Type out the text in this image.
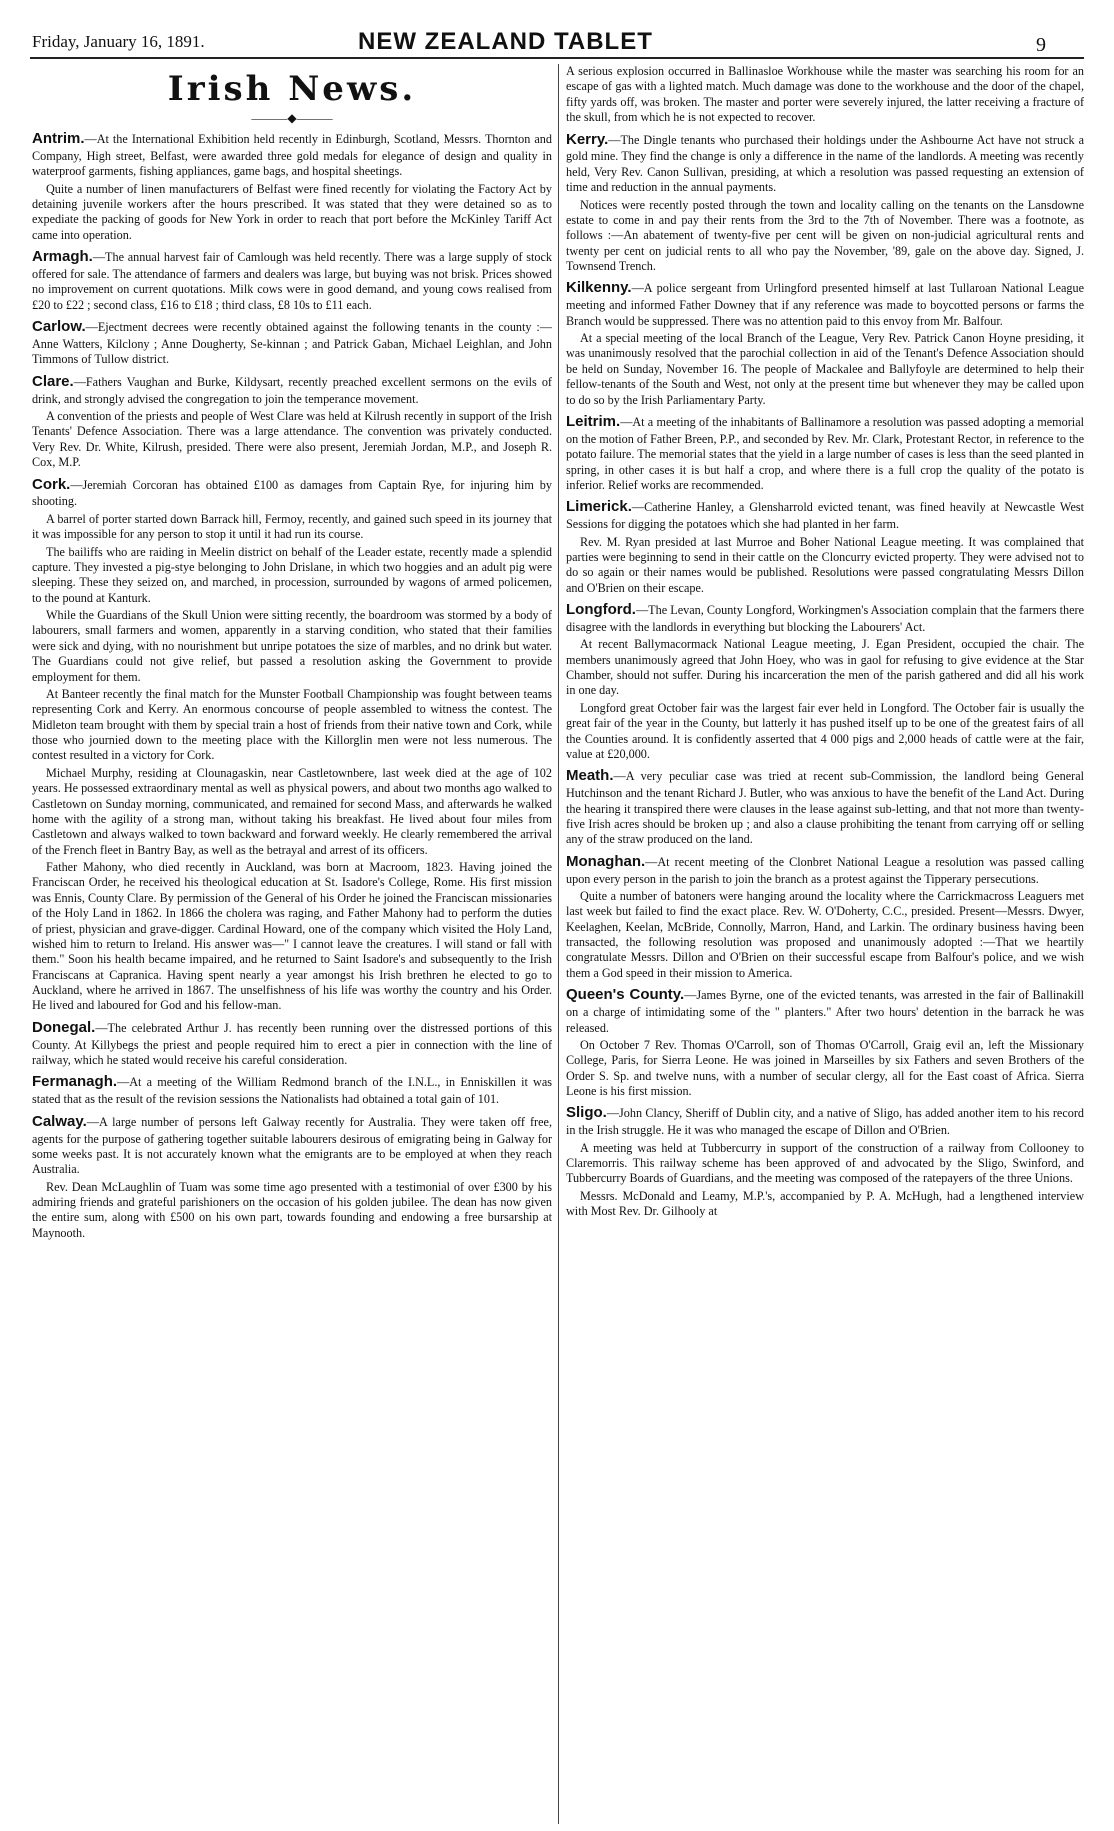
Friday, January 16, 1891.	NEW ZEALAND TABLET	9
Irish News.
———◆———

Antrim.—At the International Exhibition held recently in Edinburgh, Scotland, Messrs. Thornton and Company, High street, Belfast, were awarded three gold medals for elegance of design and quality in waterproof garments, fishing appliances, game bags, and hospital sheetings.

Quite a number of linen manufacturers of Belfast were fined recently for violating the Factory Act by detaining juvenile workers after the hours prescribed. It was stated that they were detained so as to expediate the packing of goods for New York in order to reach that port before the McKinley Tariff Act came into operation.

Armagh.—The annual harvest fair of Camlough was held recently. There was a large supply of stock offered for sale. The attendance of farmers and dealers was large, but buying was not brisk. Prices showed no improvement on current quotations. Milk cows were in good demand, and young cows realised from £20 to £22 ; second class, £16 to £18 ; third class, £8 10s to £11 each.

Carlow.—Ejectment decrees were recently obtained against the following tenants in the county :—Anne Watters, Kilclony ; Anne Dougherty, Se-kinnan ; and Patrick Gaban, Michael Leighlan, and John Timmons of Tullow district.

Clare.—Fathers Vaughan and Burke, Kildysart, recently preached excellent sermons on the evils of drink, and strongly advised the congregation to join the temperance movement.

A convention of the priests and people of West Clare was held at Kilrush recently in support of the Irish Tenants' Defence Association. There was a large attendance. The convention was privately conducted. Very Rev. Dr. White, Kilrush, presided. There were also present, Jeremiah Jordan, M.P., and Joseph R. Cox, M.P.

Cork.—Jeremiah Corcoran has obtained £100 as damages from Captain Rye, for injuring him by shooting.

A barrel of porter started down Barrack hill, Fermoy, recently, and gained such speed in its journey that it was impossible for any person to stop it until it had run its course.

The bailiffs who are raiding in Meelin district on behalf of the Leader estate, recently made a splendid capture. They invested a pig-stye belonging to John Drislane, in which two hoggies and an adult pig were sleeping. These they seized on, and marched, in procession, surrounded by wagons of armed policemen, to the pound at Kanturk.

While the Guardians of the Skull Union were sitting recently, the boardroom was stormed by a body of labourers, small farmers and women, apparently in a starving condition, who stated that their families were sick and dying, with no nourishment but unripe potatoes the size of marbles, and no drink but water. The Guardians could not give relief, but passed a resolution asking the Government to provide employment for them.

At Banteer recently the final match for the Munster Football Championship was fought between teams representing Cork and Kerry. An enormous concourse of people assembled to witness the contest. The Midleton team brought with them by special train a host of friends from their native town and Cork, while those who journied down to the meeting place with the Killorglin men were not less numerous. The contest resulted in a victory for Cork.

Michael Murphy, residing at Clounagaskin, near Castletownbere, last week died at the age of 102 years. He possessed extraordinary mental as well as physical powers, and about two months ago walked to Castletown on Sunday morning, communicated, and remained for second Mass, and afterwards he walked home with the agility of a strong man, without taking his breakfast. He lived about four miles from Castletown and always walked to town backward and forward weekly. He clearly remembered the arrival of the French fleet in Bantry Bay, as well as the betrayal and arrest of its officers.

Father Mahony, who died recently in Auckland, was born at Macroom, 1823. Having joined the Franciscan Order, he received his theological education at St. Isadore's College, Rome. His first mission was Ennis, County Clare. By permission of the General of his Order he joined the Franciscan missionaries of the Holy Land in 1862. In 1866 the cholera was raging, and Father Mahony had to perform the duties of priest, physician and grave-digger. Cardinal Howard, one of the company which visited the Holy Land, wished him to return to Ireland. His answer was—" I cannot leave the creatures. I will stand or fall with them." Soon his health became impaired, and he returned to Saint Isadore's and subsequently to the Irish Franciscans at Capranica. Having spent nearly a year amongst his Irish brethren he elected to go to Auckland, where he arrived in 1867. The unselfishness of his life was worthy the country and his Order. He lived and laboured for God and his fellow-man.

Donegal.—The celebrated Arthur J. has recently been running over the distressed portions of this County. At Killybegs the priest and people required him to erect a pier in connection with the line of railway, which he stated would receive his careful consideration.

Fermanagh.—At a meeting of the William Redmond branch of the I.N.L., in Enniskillen it was stated that as the result of the revision sessions the Nationalists had obtained a total gain of 101.

Calway.—A large number of persons left Galway recently for Australia. They were taken off free, agents for the purpose of gathering together suitable labourers desirous of emigrating being in Galway for some weeks past. It is not accurately known what the emigrants are to be employed at when they reach Australia.

Rev. Dean McLaughlin of Tuam was some time ago presented with a testimonial of over £300 by his admiring friends and grateful parishioners on the occasion of his golden jubilee. The dean has now given the entire sum, along with £500 on his own part, towards founding and endowing a free bursarship at Maynooth.

A serious explosion occurred in Ballinasloe Workhouse while the master was searching his room for an escape of gas with a lighted match. Much damage was done to the workhouse and the door of the chapel, fifty yards off, was broken. The master and porter were severely injured, the latter receiving a fracture of the skull, from which he is not expected to recover.

Kerry.—The Dingle tenants who purchased their holdings under the Ashbourne Act have not struck a gold mine. They find the change is only a difference in the name of the landlords. A meeting was recently held, Very Rev. Canon Sullivan, presiding, at which a resolution was passed requesting an extension of time and reduction in the annual payments.

Notices were recently posted through the town and locality calling on the tenants on the Lansdowne estate to come in and pay their rents from the 3rd to the 7th of November. There was a footnote, as follows :—An abatement of twenty-five per cent will be given on non-judicial agricultural rents and twenty per cent on judicial rents to all who pay the November, '89, gale on the above day. Signed, J. Townsend Trench.

Kilkenny.—A police sergeant from Urlingford presented himself at last Tullaroan National League meeting and informed Father Downey that if any reference was made to boycotted persons or farms the Branch would be suppressed. There was no attention paid to this envoy from Mr. Balfour.

At a special meeting of the local Branch of the League, Very Rev. Patrick Canon Hoyne presiding, it was unanimously resolved that the parochial collection in aid of the Tenant's Defence Association should be held on Sunday, November 16. The people of Mackalee and Ballyfoyle are determined to help their fellow-tenants of the South and West, not only at the present time but whenever they may be called upon to do so by the Irish Parliamentary Party.

Leitrim.—At a meeting of the inhabitants of Ballinamore a resolution was passed adopting a memorial on the motion of Father Breen, P.P., and seconded by Rev. Mr. Clark, Protestant Rector, in reference to the potato failure. The memorial states that the yield in a large number of cases is less than the seed planted in spring, in other cases it is but half a crop, and where there is a full crop the quality of the potato is inferior. Relief works are recommended.

Limerick.—Catherine Hanley, a Glensharrold evicted tenant, was fined heavily at Newcastle West Sessions for digging the potatoes which she had planted in her farm.

Rev. M. Ryan presided at last Murroe and Boher National League meeting. It was complained that parties were beginning to send in their cattle on the Cloncurry evicted property. They were advised not to do so again or their names would be published. Resolutions were passed congratulating Messrs Dillon and O'Brien on their escape.

Longford.—The Levan, County Longford, Workingmen's Association complain that the farmers there disagree with the landlords in everything but blocking the Labourers' Act.

At recent Ballymacormack National League meeting, J. Egan President, occupied the chair. The members unanimously agreed that John Hoey, who was in gaol for refusing to give evidence at the Star Chamber, should not suffer. During his incarceration the men of the parish gathered and did all his work in one day.

Longford great October fair was the largest fair ever held in Longford. The October fair is usually the great fair of the year in the County, but latterly it has pushed itself up to be one of the greatest fairs of all the Counties around. It is confidently asserted that 4 000 pigs and 2,000 heads of cattle were at the fair, value at £20,000.

Meath.—A very peculiar case was tried at recent sub-Commission, the landlord being General Hutchinson and the tenant Richard J. Butler, who was anxious to have the benefit of the Land Act. During the hearing it transpired there were clauses in the lease against sub-letting, and that not more than twenty-five Irish acres should be broken up ; and also a clause prohibiting the tenant from carrying off or selling any of the straw produced on the land.

Monaghan.—At recent meeting of the Clonbret National League a resolution was passed calling upon every person in the parish to join the branch as a protest against the Tipperary persecutions.

Quite a number of batoners were hanging around the locality where the Carrickmacross Leaguers met last week but failed to find the exact place. Rev. W. O'Doherty, C.C., presided. Present—Messrs. Dwyer, Keelaghen, Keelan, McBride, Connolly, Marron, Hand, and Larkin. The ordinary business having been transacted, the following resolution was proposed and unanimously adopted :—That we heartily congratulate Messrs. Dillon and O'Brien on their successful escape from Balfour's police, and we wish them a God speed in their mission to America.

Queen's County.—James Byrne, one of the evicted tenants, was arrested in the fair of Ballinakill on a charge of intimidating some of the " planters." After two hours' detention in the barrack he was released.

On October 7 Rev. Thomas O'Carroll, son of Thomas O'Carroll, Graig evil an, left the Missionary College, Paris, for Sierra Leone. He was joined in Marseilles by six Fathers and seven Brothers of the Order S. Sp. and twelve nuns, with a number of secular clergy, all for the East coast of Africa. Sierra Leone is his first mission.

Sligo.—John Clancy, Sheriff of Dublin city, and a native of Sligo, has added another item to his record in the Irish struggle. He it was who managed the escape of Dillon and O'Brien.

A meeting was held at Tubbercurry in support of the construction of a railway from Collooney to Claremorris. This railway scheme has been approved of and advocated by the Sligo, Swinford, and Tubbercurry Boards of Guardians, and the meeting was composed of the ratepayers of the three Unions.

Messrs. McDonald and Leamy, M.P.'s, accompanied by P. A. McHugh, had a lengthened interview with Most Rev. Dr. Gilhooly at
